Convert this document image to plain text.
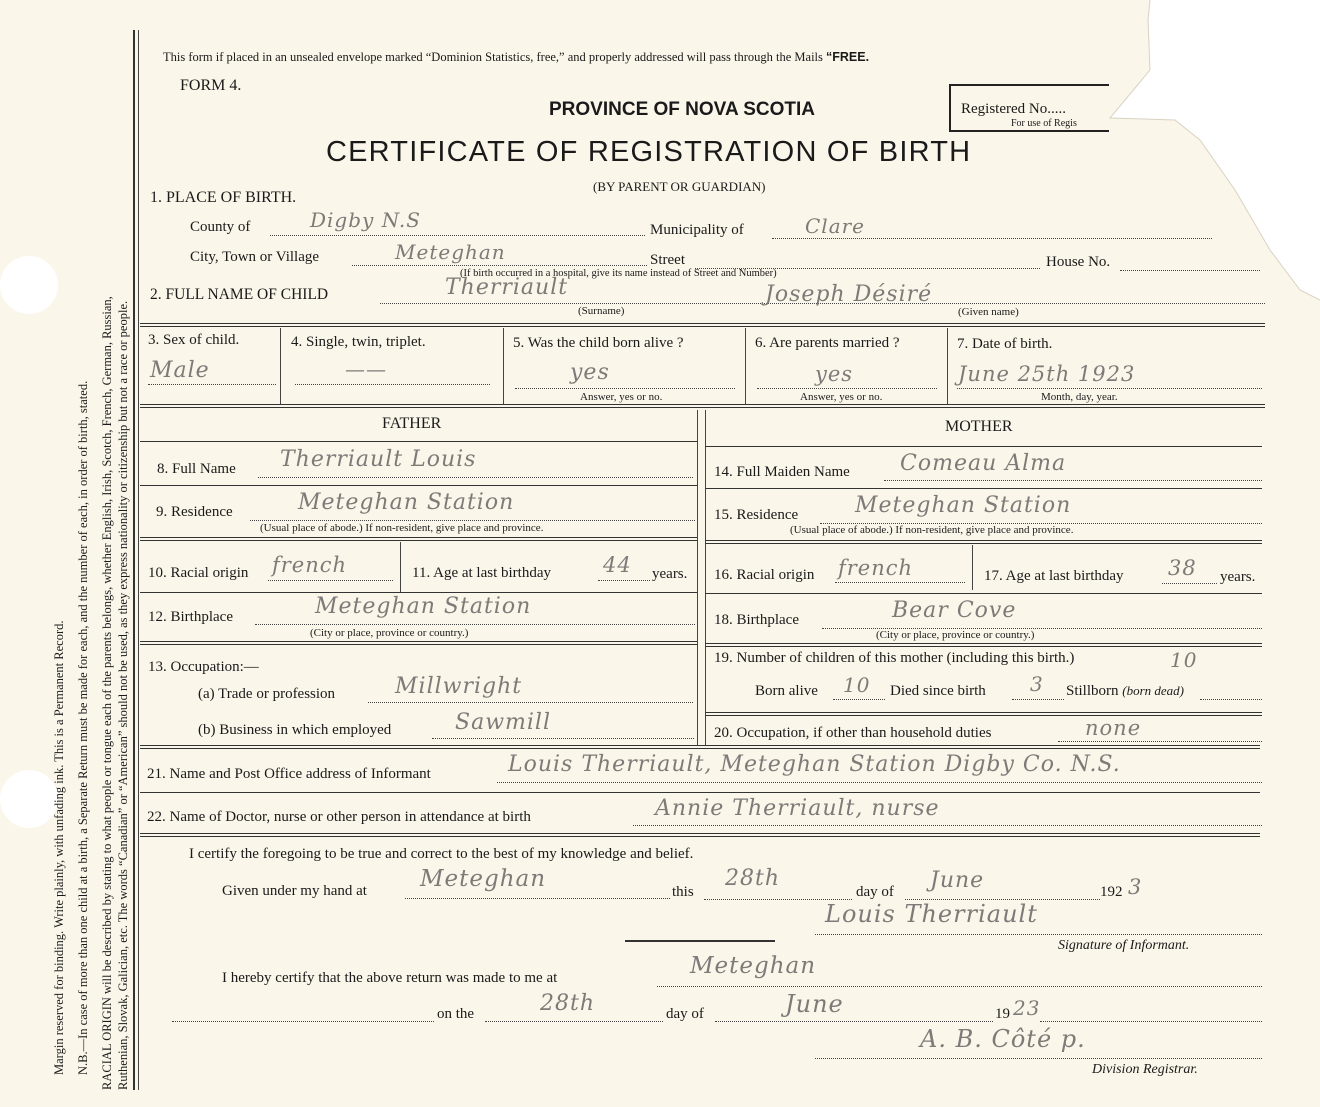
Margin reserved for binding. Write plainly, with unfading ink. This is a Permanent Record. N.B.—In case of more than one child at a birth, a Separate Return must be made for each, and the number of each, in order of birth, stated. RACIAL ORIGIN will be described by stating to what people or tongue each of the parents belongs, whether English, Irish, Scotch, French, German, Russian, Ruthenian, Slovak, Galician, etc. The words “Canadian” or “American” should not be used, as they express nationality or citizenship but not a race or people.
This form if placed in an unsealed envelope marked “Dominion Statistics, free,” and properly addressed will pass through the Mails “FREE.
FORM 4.
PROVINCE OF NOVA SCOTIA	Registered No.....
For use of Regis
CERTIFICATE OF REGISTRATION OF BIRTH
(BY PARENT OR GUARDIAN)
1. PLACE OF BIRTH.
County of	Digby N.S	Municipality of	Clare
City, Town or Village	Meteghan	Street	House No.
(If birth occurred in a hospital, give its name instead of Street and Number)
2. FULL NAME OF CHILD	Therriault	Joseph Désiré
(Surname)	(Given name)
3. Sex of child.
Male
4. Single, twin, triplet.
——
5. Was the child born alive ?
yes
Answer, yes or no.
6. Are parents married ?
yes
Answer, yes or no.
7. Date of birth.
June 25th 1923
Month, day, year.
FATHER	MOTHER
8. Full Name Therriault Louis
9. Residence	Meteghan Station
(Usual place of abode.) If non-resident, give place and province.
10. Racial origin french	11. Age at last birthday 44 years.
12. Birthplace	Meteghan Station
(City or place, province or country.)
13. Occupation:—
(a) Trade or profession	Millwright
(b) Business in which employed	Sawmill
14. Full Maiden Name Comeau Alma
15. Residence	Meteghan Station
(Usual place of abode.) If non-resident, give place and province.
16. Racial origin french	17. Age at last birthday 38 years.
18. Birthplace	Bear Cove
(City or place, province or country.)
19. Number of children of this mother (including this birth.)	10
Born alive 10 Died since birth 3 Stillborn (born dead)
20. Occupation, if other than household duties	none
21. Name and Post Office address of Informant	Louis Therriault, Meteghan Station Digby Co. N.S.
22. Name of Doctor, nurse or other person in attendance at birth	Annie Therriault, nurse
I certify the foregoing to be true and correct to the best of my knowledge and belief.
Given under my hand at Meteghan	this
28th
day of June	192 3
Louis Therriault
Signature of Informant.
I hereby certify that the above return was made to me at	Meteghan
on the	28th	day of	June	19 23
A. B. Côté p.
Division Registrar.
